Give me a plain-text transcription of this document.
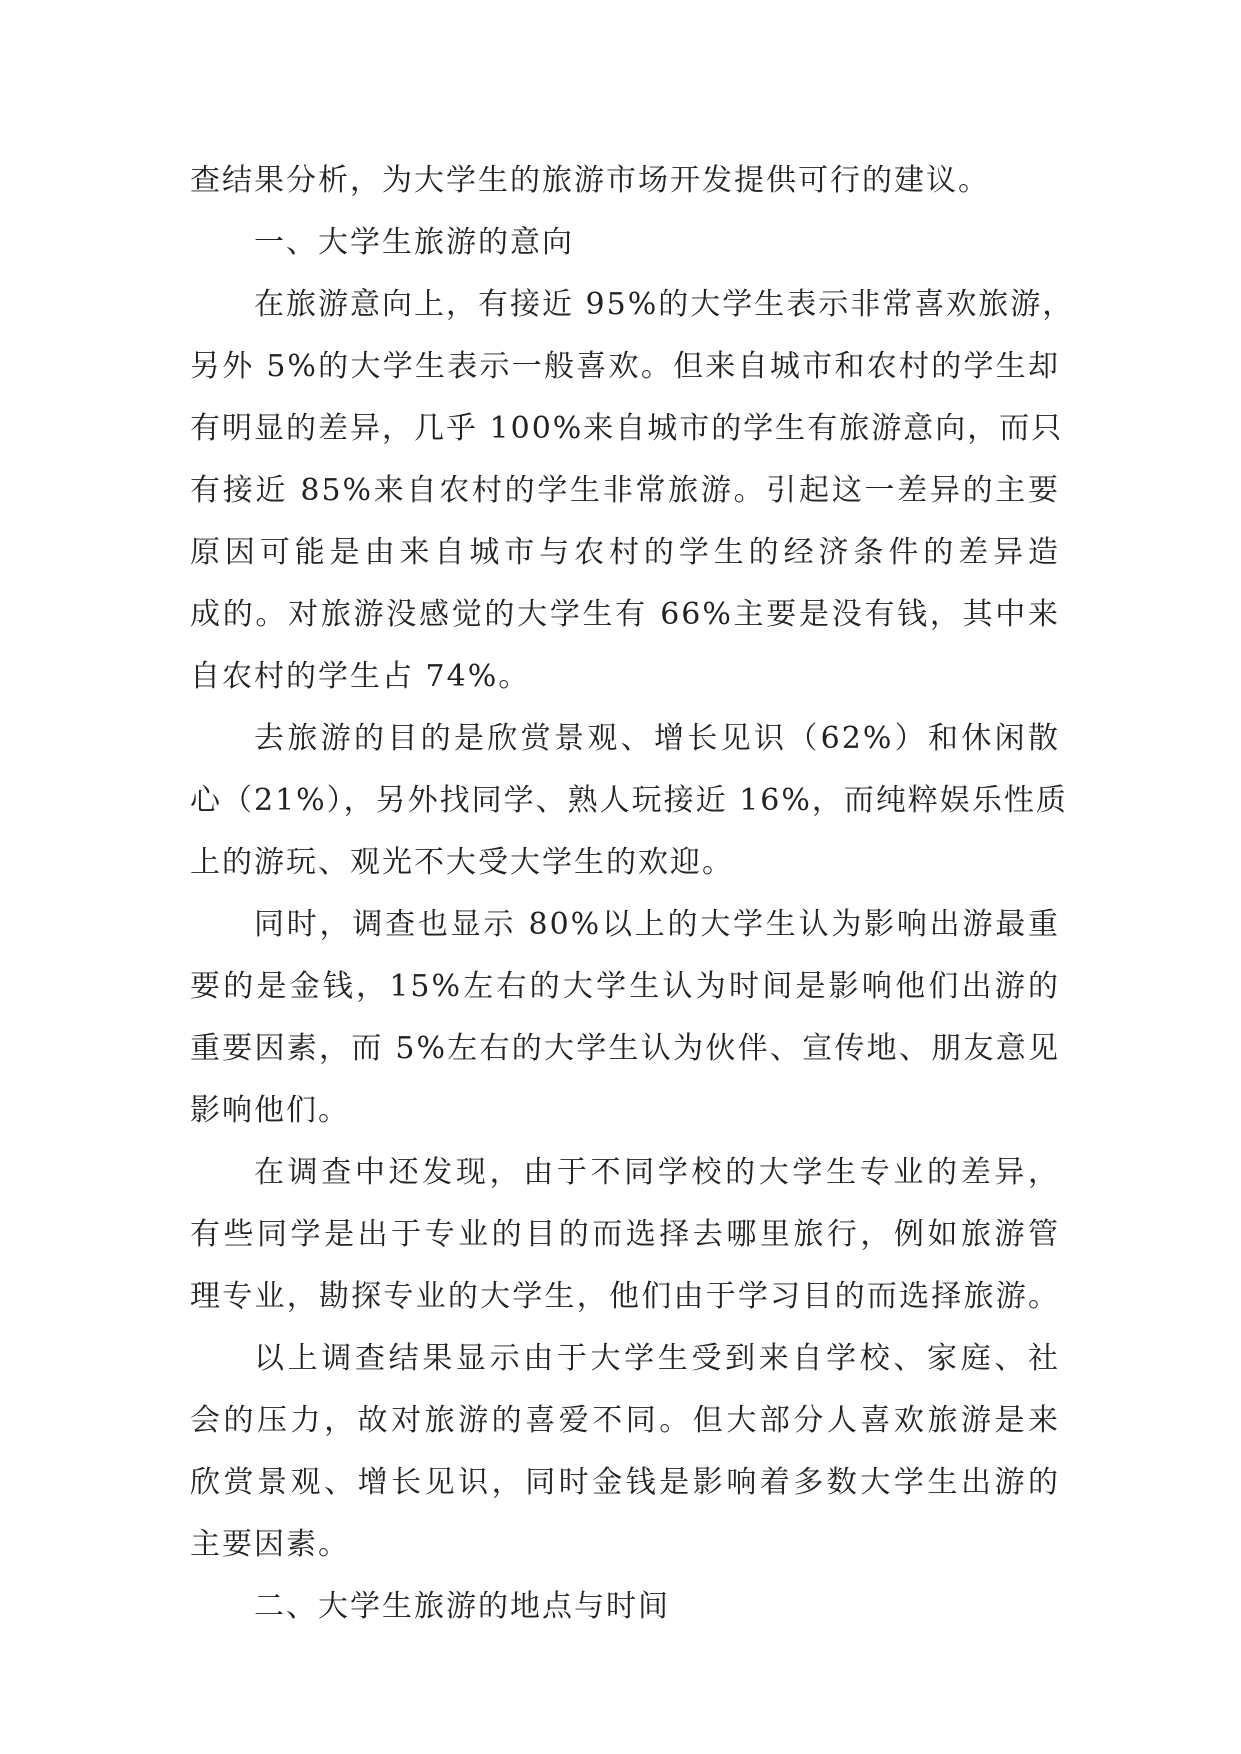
查结果分析，为大学生的旅游市场开发提供可行的建议。
一、大学生旅游的意向
在旅游意向上，有接近 95%的大学生表示非常喜欢旅游，
另外 5%的大学生表示一般喜欢。但来自城市和农村的学生却
有明显的差异，几乎 100%来自城市的学生有旅游意向，而只
有接近 85%来自农村的学生非常旅游。引起这一差异的主要
原因可能是由来自城市与农村的学生的经济条件的差异造
成的。对旅游没感觉的大学生有 66%主要是没有钱，其中来
自农村的学生占 74%。
去旅游的目的是欣赏景观、增长见识（62%）和休闲散
心（21%），另外找同学、熟人玩接近 16%，而纯粹娱乐性质
上的游玩、观光不大受大学生的欢迎。
同时，调查也显示 80%以上的大学生认为影响出游最重
要的是金钱，15%左右的大学生认为时间是影响他们出游的
重要因素，而 5%左右的大学生认为伙伴、宣传地、朋友意见
影响他们。
在调查中还发现，由于不同学校的大学生专业的差异，
有些同学是出于专业的目的而选择去哪里旅行，例如旅游管
理专业，勘探专业的大学生，他们由于学习目的而选择旅游。
以上调查结果显示由于大学生受到来自学校、家庭、社
会的压力，故对旅游的喜爱不同。但大部分人喜欢旅游是来
欣赏景观、增长见识，同时金钱是影响着多数大学生出游的
主要因素。
二、大学生旅游的地点与时间
